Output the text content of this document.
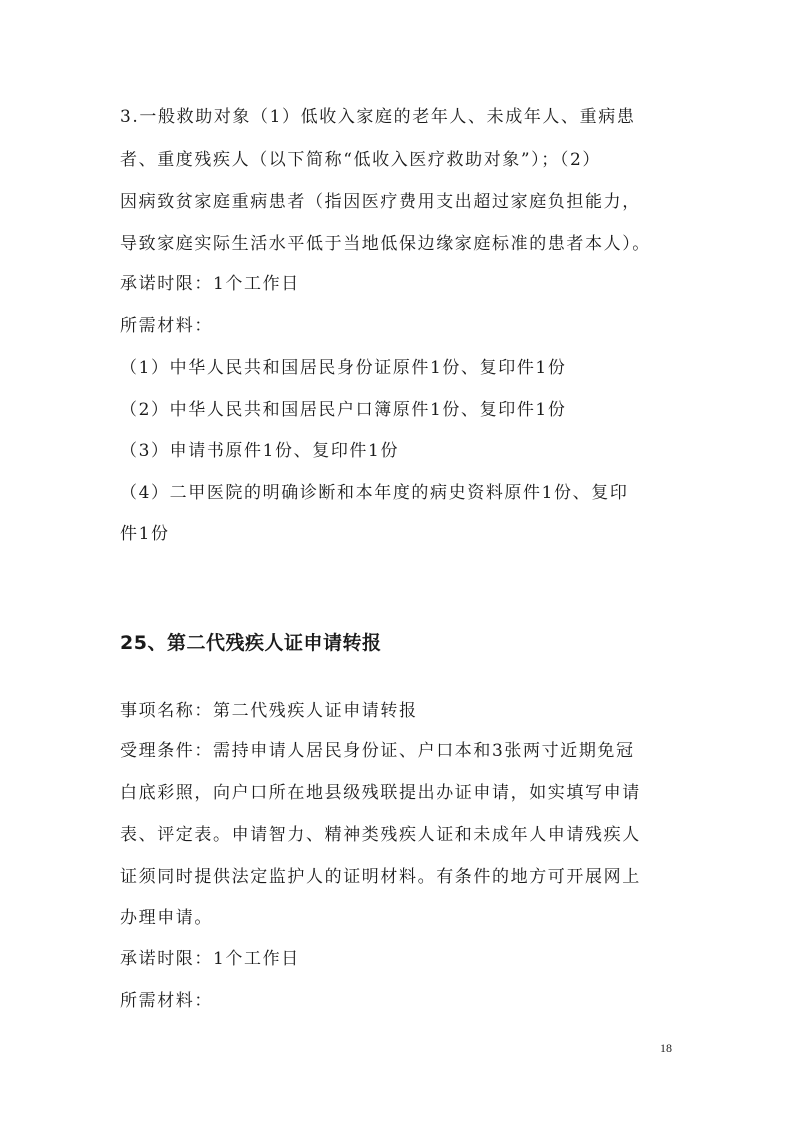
3.一般救助对象（1）低收入家庭的老年人、未成年人、重病患
者、重度残疾人（以下简称“低收入医疗救助对象”）；（2）
因病致贫家庭重病患者（指因医疗费用支出超过家庭负担能力，
导致家庭实际生活水平低于当地低保边缘家庭标准的患者本人）。
承诺时限：1个工作日
所需材料：
（1）中华人民共和国居民身份证原件1份、复印件1份
（2）中华人民共和国居民户口簿原件1份、复印件1份
（3）申请书原件1份、复印件1份
（4）二甲医院的明确诊断和本年度的病史资料原件1份、复印
件1份
25、第二代残疾人证申请转报
事项名称：第二代残疾人证申请转报
受理条件：需持申请人居民身份证、户口本和3张两寸近期免冠
白底彩照，向户口所在地县级残联提出办证申请，如实填写申请
表、评定表。申请智力、精神类残疾人证和未成年人申请残疾人
证须同时提供法定监护人的证明材料。有条件的地方可开展网上
办理申请。
承诺时限：1个工作日
所需材料：
18
